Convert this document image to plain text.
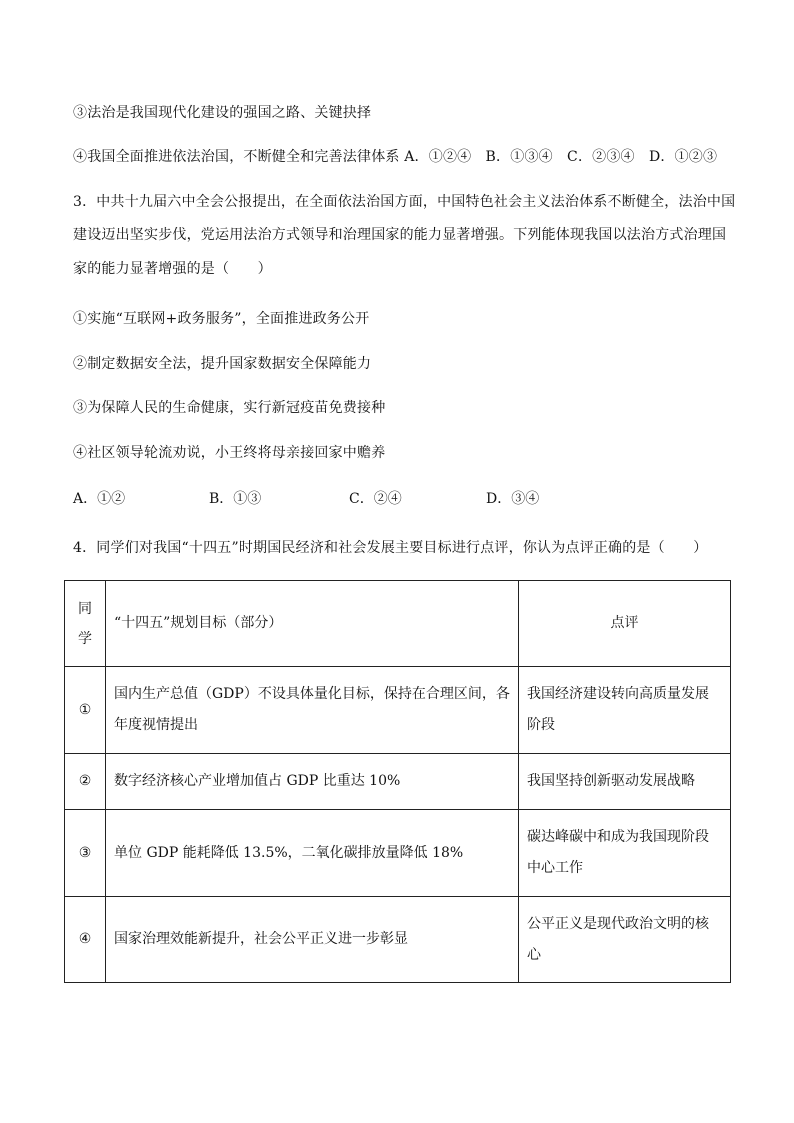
③法治是我国现代化建设的强国之路、关键抉择
④我国全面推进依法治国，不断健全和完善法律体系 A．①②④　B．①③④　C．②③④　D．①②③
3．中共十九届六中全会公报提出，在全面依法治国方面，中国特色社会主义法治体系不断健全，法治中国
建设迈出坚实步伐，党运用法治方式领导和治理国家的能力显著增强。下列能体现我国以法治方式治理国
家的能力显著增强的是（　　）
①实施“互联网+政务服务”，全面推进政务公开
②制定数据安全法，提升国家数据安全保障能力
③为保障人民的生命健康，实行新冠疫苗免费接种
④社区领导轮流劝说，小王终将母亲接回家中赡养
A．①②	B．①③	C．②④	D．③④
4．同学们对我国“十四五”时期国民经济和社会发展主要目标进行点评，你认为点评正确的是（　　）
同
学	“十四五”规划目标（部分）	点评
①	国内生产总值（GDP）不设具体量化目标，保持在合理区间，各年度视情提出	我国经济建设转向高质量发展阶段
②	数字经济核心产业增加值占 GDP 比重达 10%	我国坚持创新驱动发展战略
③	单位 GDP 能耗降低 13.5%，二氧化碳排放量降低 18%	碳达峰碳中和成为我国现阶段中心工作
④	国家治理效能新提升，社会公平正义进一步彰显	公平正义是现代政治文明的核心
